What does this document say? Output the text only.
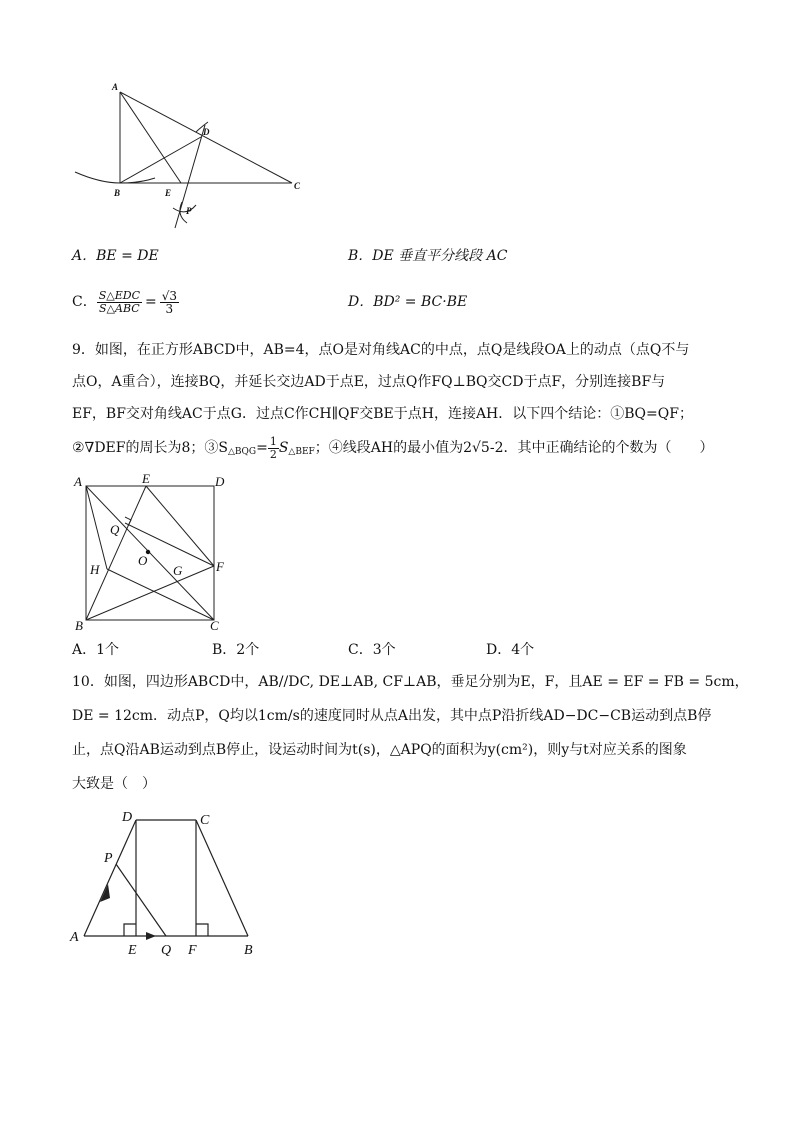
A
B
C
D
E
P
A．BE = DE	B．DE 垂直平分线段 AC
C． $\frac{\text{S△EDC}}{\text{S△ABC}} = \frac{√3}{3}$	D．BD² = BC·BE
9．如图，在正方形ABCD中，AB=4，点O是对角线AC的中点，点Q是线段OA上的动点（点Q不与
点O，A重合），连接BQ，并延长交边AD于点E，过点Q作FQ⊥BQ交CD于点F，分别连接BF与
EF，BF交对角线AC于点G．过点C作CH∥QF交BE于点H，连接AH．以下四个结论：①BQ=QF；
②∇DEF的周长为8；③S △BQG = $\frac{1}{2}$ S △BEF ；④线段AH的最小值为2√5-2．其中正确结论的个数为（　　）
A	E	D
Q
O
G	F
H
B	C
A．1个	B．2个	C．3个	D．4个
10．如图，四边形ABCD中，AB//DC, DE⊥AB, CF⊥AB，垂足分别为E，F，且AE = EF = FB = 5cm，
DE = 12cm．动点P，Q均以1cm/s的速度同时从点A出发，其中点P沿折线AD−DC−CB运动到点B停
止，点Q沿AB运动到点B停止，设运动时间为t(s)，△APQ的面积为y(cm²)，则y与t对应关系的图象
大致是（　）
A
D	C
P
E Q F	B
